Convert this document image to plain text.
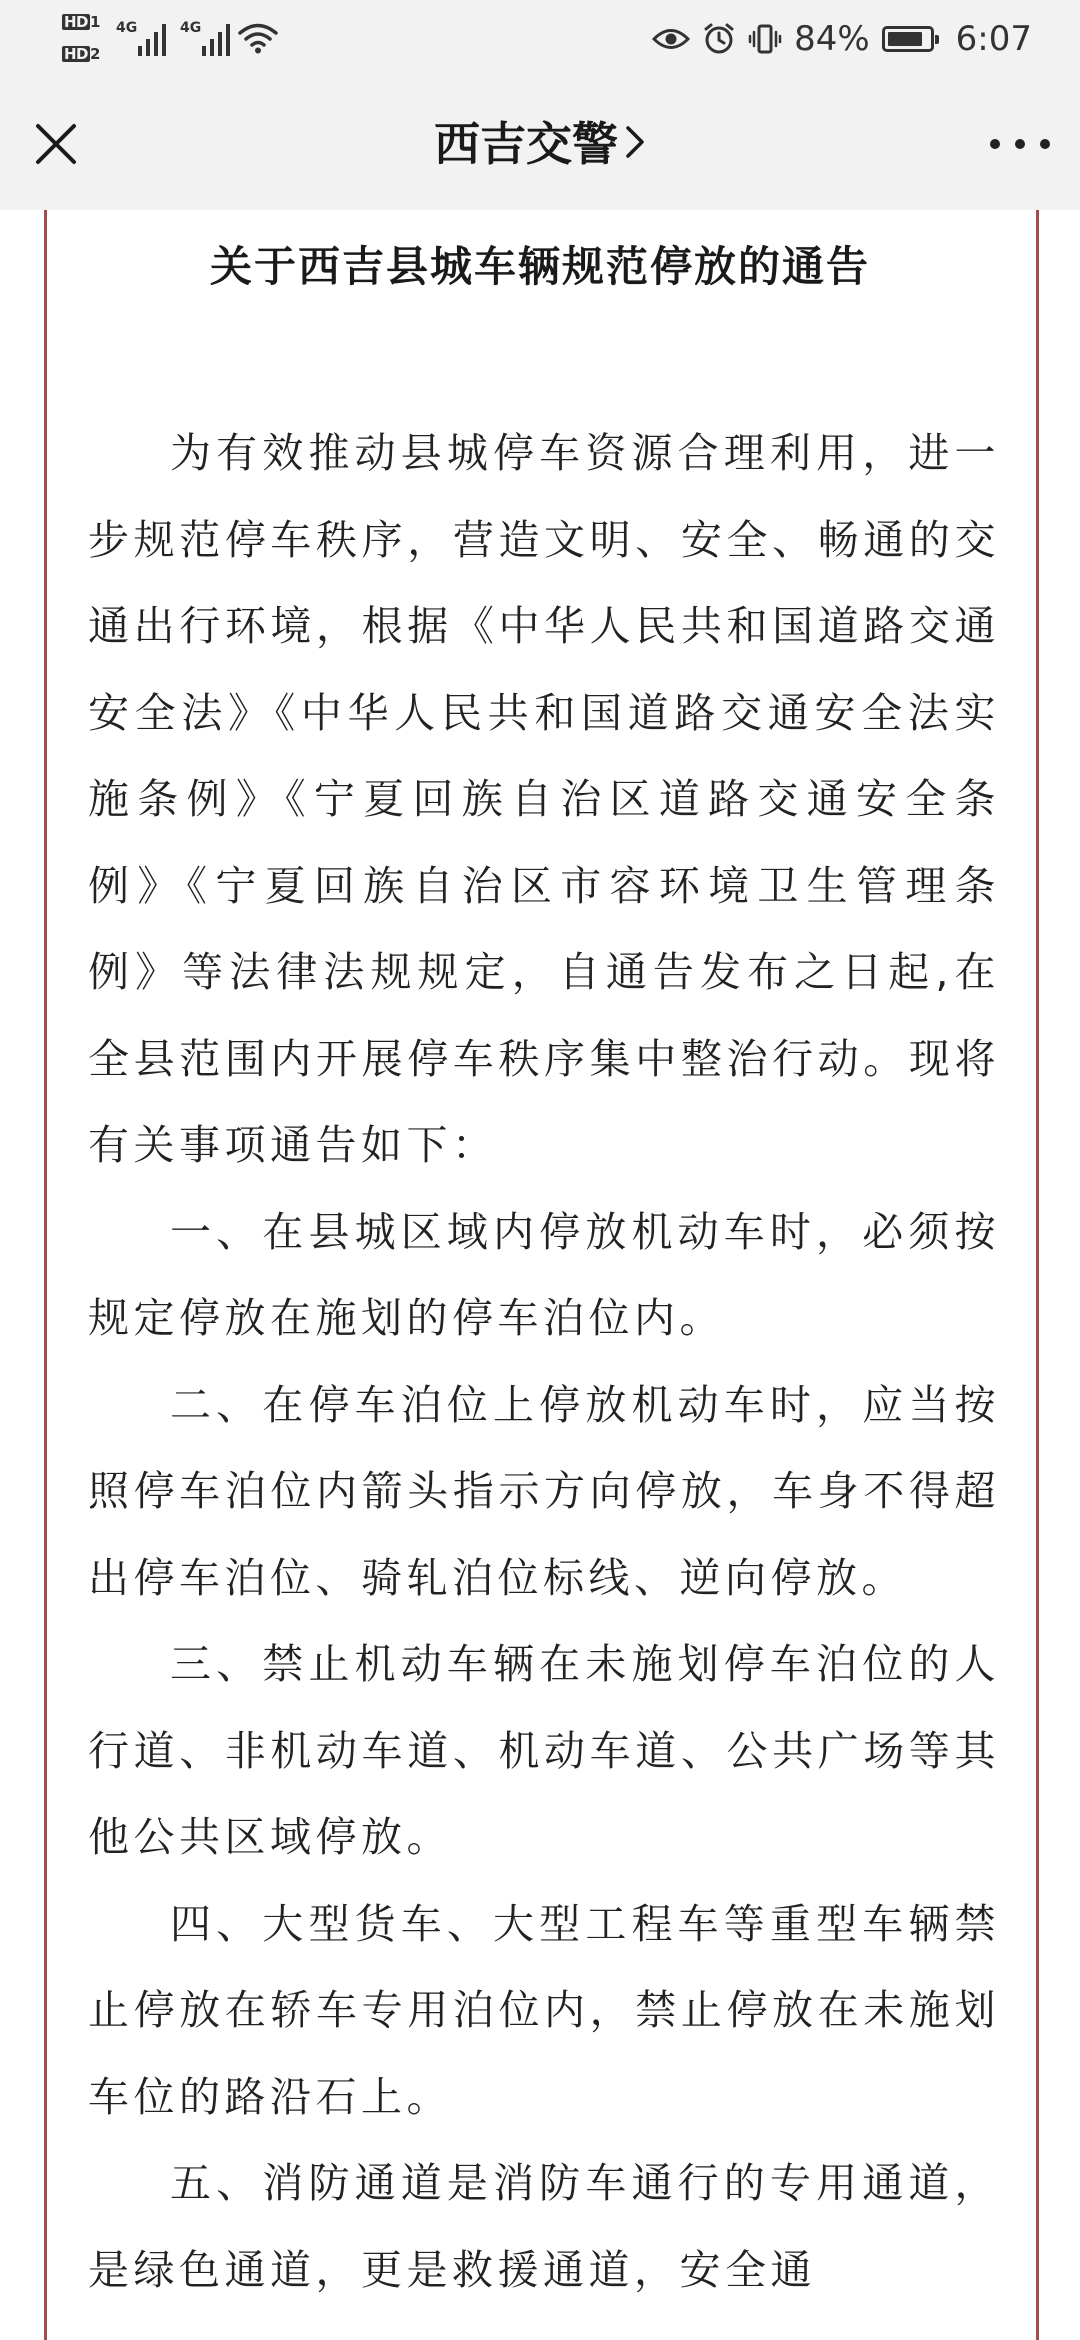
HD 1
HD 2
4G	4G	84%	6:07
西吉交警
关于西吉县城车辆规范停放的通告

为有效推动县城停车资源合理利用，进一步规范停车秩序，营造文明、安全、畅通的交通出行环境，根据《中华人民共和国道路交通安全法》《中华人民共和国道路交通安全法实施条例》《宁夏回族自治区道路交通安全条例》《宁夏回族自治区市容环境卫生管理条例》等法律法规规定，自通告发布之日起,在全县范围内开展停车秩序集中整治行动。现将有关事项通告如下：

一、在县城区域内停放机动车时，必须按规定停放在施划的停车泊位内。

二、在停车泊位上停放机动车时，应当按照停车泊位内箭头指示方向停放，车身不得超出停车泊位、骑轧泊位标线、逆向停放。

三、禁止机动车辆在未施划停车泊位的人行道、非机动车道、机动车道、公共广场等其他公共区域停放。

四、大型货车、大型工程车等重型车辆禁止停放在轿车专用泊位内，禁止停放在未施划车位的路沿石上。

五、消防通道是消防车通行的专用通道，是绿色通道，更是救援通道，安全通
